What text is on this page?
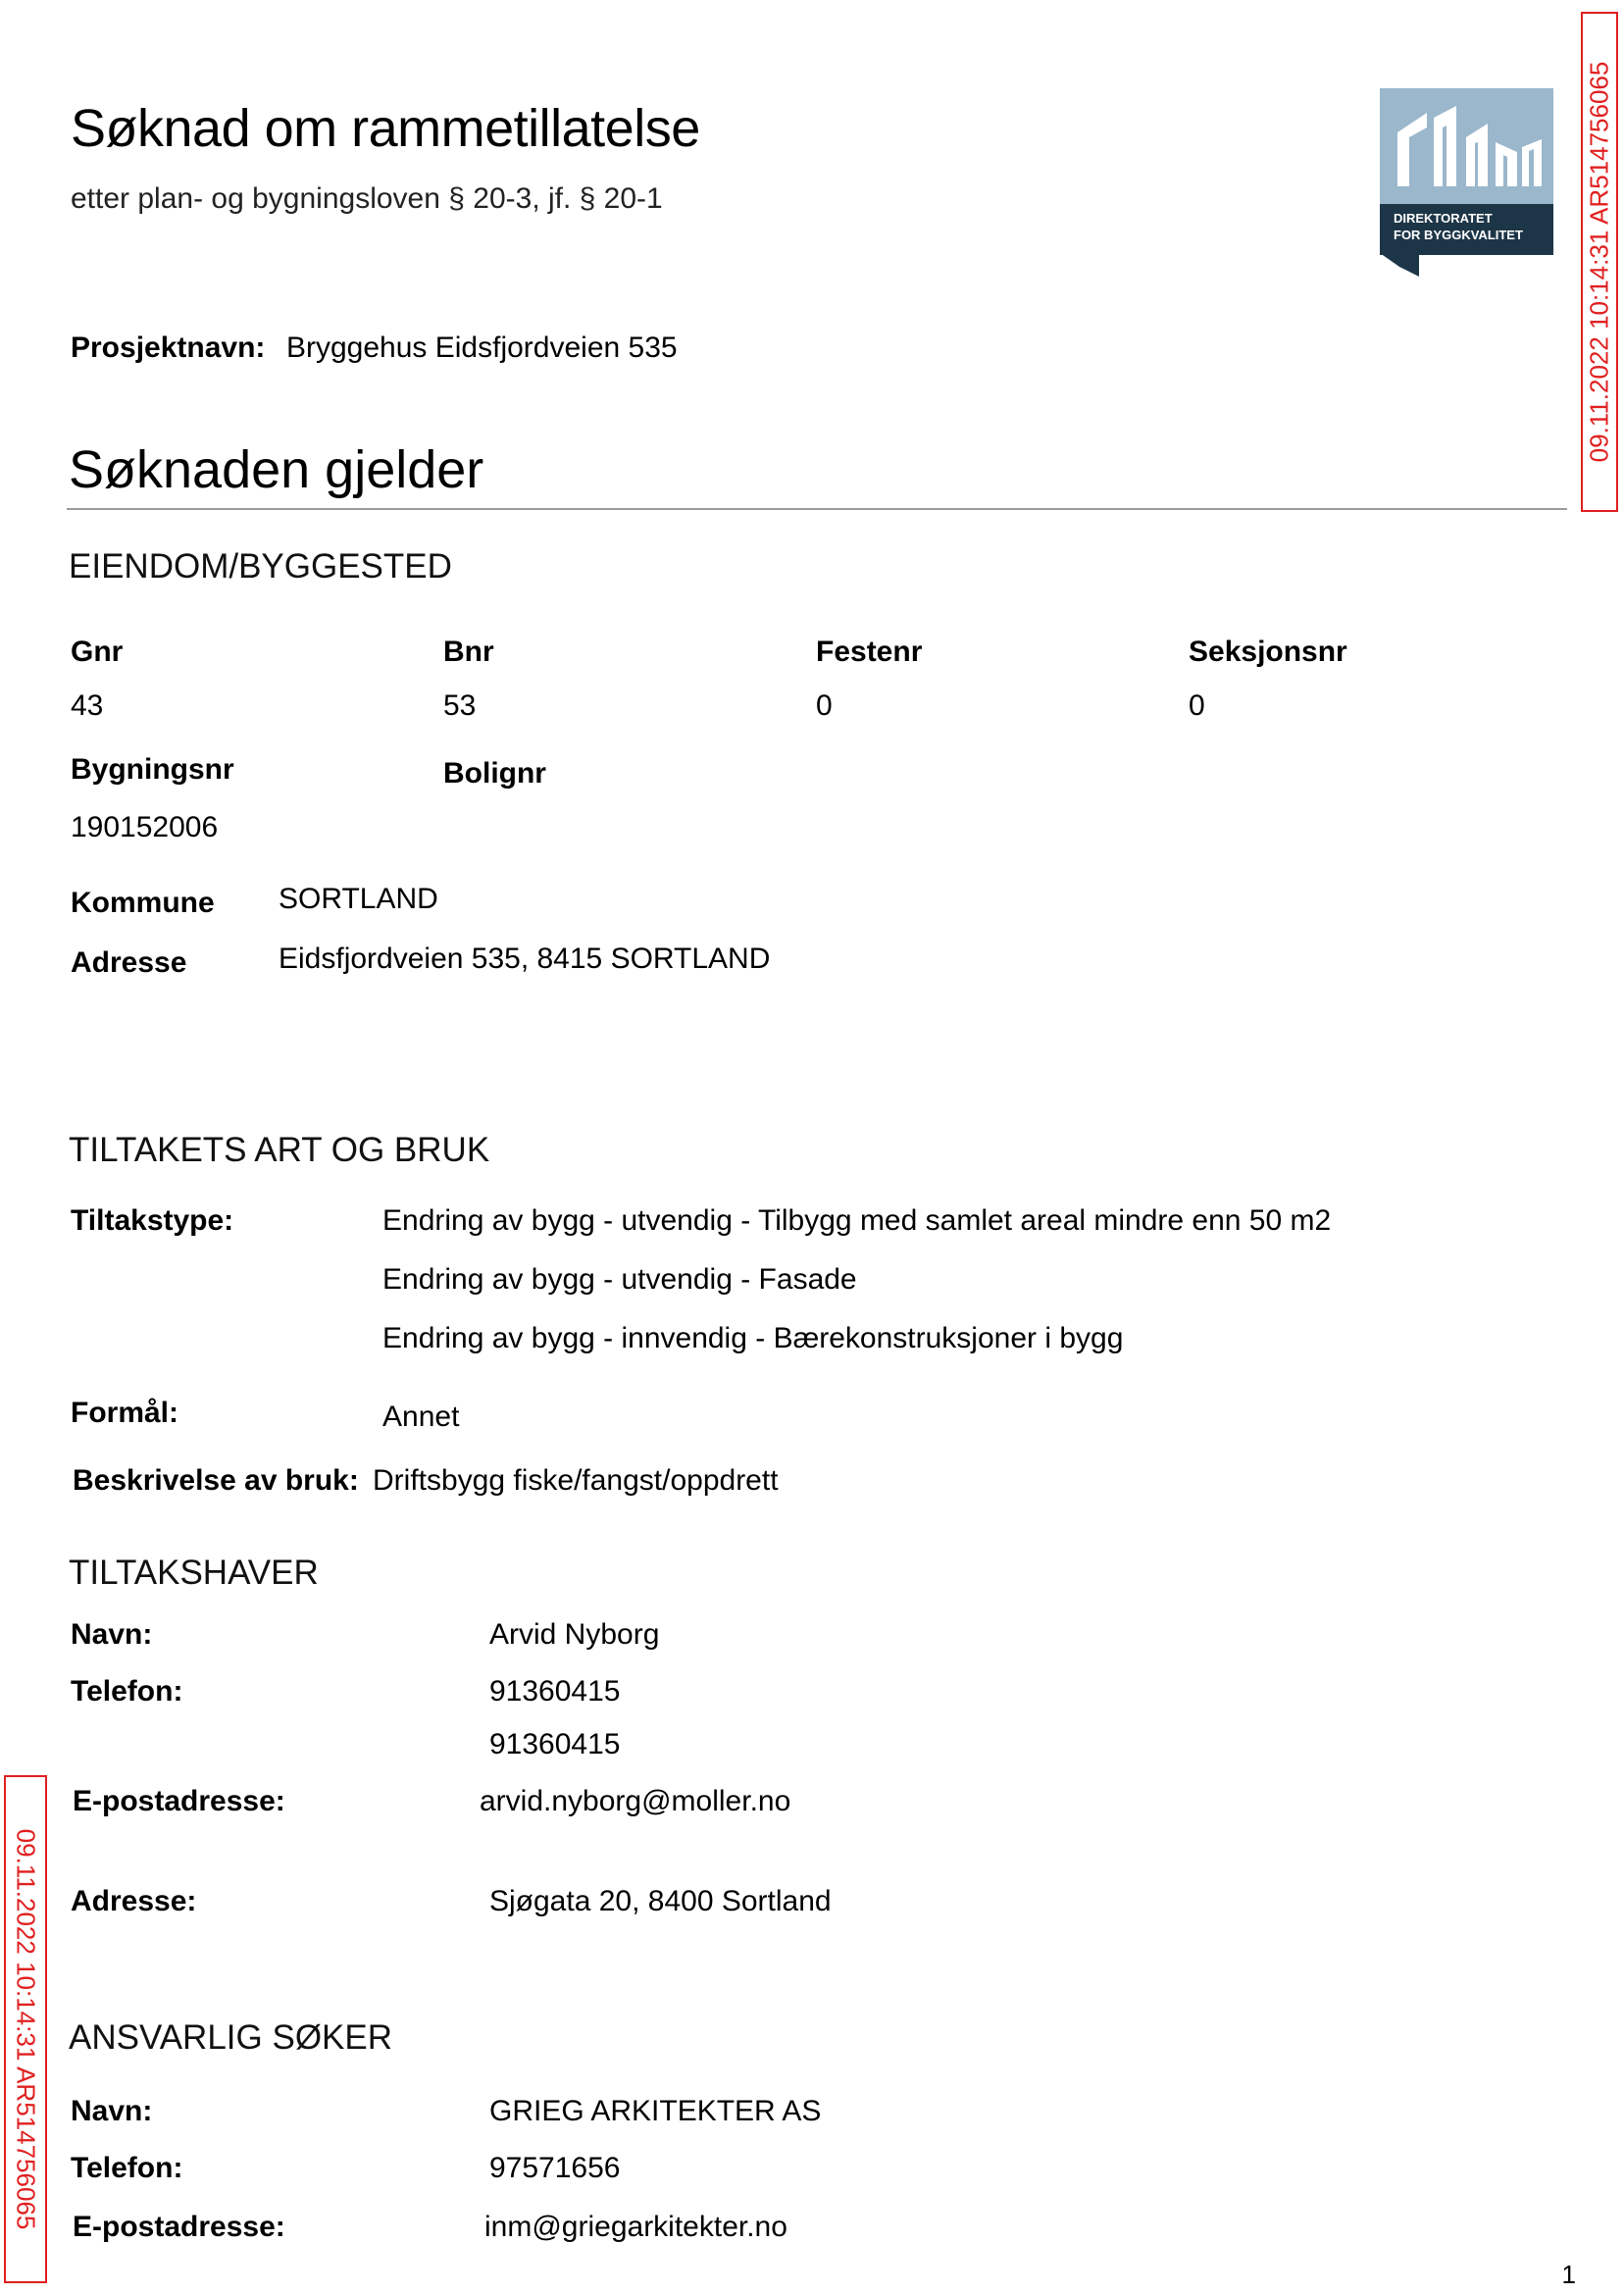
Søknad om rammetillatelse
etter plan- og bygningsloven § 20-3, jf. § 20-1
DIREKTORATET
FOR BYGGKVALITET 09.11.2022 10:14:31 AR514756065
09.11.2022 10:14:31 AR514756065
Prosjektnavn: Bryggehus Eidsfjordveien 535
Søknaden gjelder
EIENDOM/BYGGESTED
Gnr	Bnr	Festenr	Seksjonsnr
43	53	0	0
Bygningsnr	Bolignr
190152006
Kommune SORTLAND
Adresse	Eidsfjordveien 535, 8415 SORTLAND
TILTAKETS ART OG BRUK
Tiltakstype:	Endring av bygg - utvendig - Tilbygg med samlet areal mindre enn 50 m2
Endring av bygg - utvendig - Fasade
Endring av bygg - innvendig - Bærekonstruksjoner i bygg
Formål:	Annet
Beskrivelse av bruk: Driftsbygg fiske/fangst/oppdrett
TILTAKSHAVER
Navn:	Arvid Nyborg
Telefon:	91360415
91360415
E-postadresse:	arvid.nyborg@moller.no
Adresse:	Sjøgata 20, 8400 Sortland
ANSVARLIG SØKER
Navn:	GRIEG ARKITEKTER AS
Telefon:	97571656
E-postadresse:	inm@griegarkitekter.no
1
